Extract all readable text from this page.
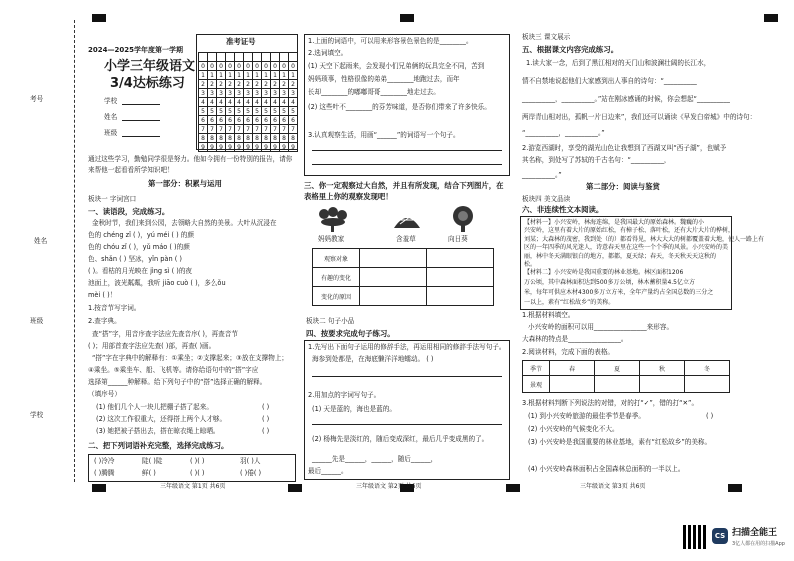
考号
姓名
班级
学校
2024—2025学年度第一学期
小学三年级语文
3/4达标练习
学校
姓名
班级
准考证号

0	0	0	0	0	0	0	0	0	0	0
1	1	1	1	1	1	1	1	1	1	1
2	2	2	2	2	2	2	2	2	2	2
3	3	3	3	3	3	3	3	3	3	3
4	4	4	4	4	4	4	4	4	4	4
5	5	5	5	5	5	5	5	5	5	5
6	6	6	6	6	6	6	6	6	6	6
7	7	7	7	7	7	7	7	7	7	7
8	8	8	8	8	8	8	8	8	8	8
9	9	9	9	9	9	9	9	9	9	9
通过这些学习，勤勉同学很是努力。他如今拥有一份特别的报告，请你来帮他一起看看所学知识吧！
第一部分：积累与运用
板块一 字词宫口
一、读语段，完成练习。
金秋时节，我们来到公园，去领略大自然的美景。大叶从沉浸在
色的 chéng zǐ ( )，yú méi ( ) 的颜
色的 chóu zǐ ( )，yǔ máo ( )的颜
色、shǎn ( ) 坚冰，yǐn pàn ( )
( )。看枯的月光映在 jìng sì ( )的夜
池面上，波光粼粼，我听 jiāo cuò ( )，多么ǒu
mèi ( )！
1.按音节写字词。
2.查字典。
查“搭”字，用音序查字法应先查音序( )，再查音节
( )；用部首查字法应先查( )部，再查( )画。
“搭”字在字典中的解释有：①乘坐；②支撑起来；③放在支撑物上；
④乘坐。⑤乘坐车、船、飞机等。请你给语句中的“搭”字应
选择第______种解释。给下列句子中的“搭”选择正确的解释。
（填序号）
(1) 他们几个人一块儿把棚子搭了起来。
(2) 这次工作很重大，还得搭上两个人才够。
(3) 她把被子搭出去，搭在晾衣绳上晾晒。
( )
( )
( )
二、把下列词语补充完整，选择完成练习。
( )冷冷	陡( )陡	( )( )	羽( )人
( )腾腾	鲜( )	( )( )	( )倦( )
三年级语文 第1页 共6页
1.上面的词语中，可以用来形容景色景色的是________。
2.选词填空。
(1) 天空下起雨来，会发现小们兄弟俩的玩具完全不同，苦到
妈妈琐事，性格很像的弟弟________地跑过去，而年
长却________的嘟嘟哥哥________地走过去。
(2) 这些叶不________的芬芳味道，是否你们带来了许多快乐。
3.认真观察生活，用画“______”的词语写一个句子。
三、你一定观察过大自然，并且有所发现，结合下列图片，在表格里上你的观察发现吧！
妈妈教家	含羞草	向日葵
观察对象		
有趣的变化		
变化的原因		
板块二 句子小品
四、按要求完成句子练习。
1.先写出下面句子运用的修辞手法，再运用相同的修辞手法写句子。
海参到处都是，在海底懒洋洋地蠕动。 ( )
2.用加点的字词写句子。
(1) 天是蓝的，海也是蓝的。
(2) 杨梅先是淡红的，随后变成深红，最后几乎变成黑的了。
______先是______，______，随后______，
最后______。
三年级语文 第2页 共6页
板块三 课文展示
五、根据课文内容完成练习。
1.读大家一念，后到了黑江相对的天门山和波澜壮阔的长江水，
情不自禁地说起他们大家感到出人事自的诗句：“__________
__________，__________。”站在刚冰感诵的时候，你会想起“__________
两岸青山相对出，孤帆一片日边来”，我们还可以诵读《早发白帝城》中的诗句：
“__________，__________。”
2.游览西湖时，享受的湖光山色让我想到了西湖又叫“西子湖”，也赋予其名称，到处写了苏轼的千古名句：“__________，
__________。”
第二部分：阅读与鉴赏
板块四 美文品读
六、非连续性文本阅读。
【材料一】小兴安岭，林海连绵，是我国最大的原始森林。魏巍的小
兴安岭，这里有着大片的原始红松，有樟子松、落叶松，还有大片大片的桦树，
刘某；大森林的茂密，我到处（的）都看得见，林大大大的树都覆盖着大地，使人一路上有
区的一年四季的风光迷人，诗意春天里在这些一个个季的风景。小兴安岭的美
丽，林中冬天满眼银白的地方，都都，夏天绿；春天，冬天秋天天这秋的
松。
【材料二】小兴安岭是我国重要的林业基地。林区面积1206
万公顷，其中森林面积达到500多万公顷，林木蓄积量4.5亿立方
米，每年可供应木材4300多万立方米，全年产量约占全国总数的三分之
一以上，素有“红松故乡”的美称。
1.根据材料填空。
小兴安岭的面积可以用________________来形容。
大森林的特点是________________。
2.阅读材料，完成下面的表格。
季节	春	夏	秋	冬
景观				
3.根据材料判断下列说法的对错，对的打“✓”，错的打“✕”。
(1) 到小兴安岭旅游的最佳季节是春季。
(2) 小兴安岭的气候变化不大。
(3) 小兴安岭是我国重要的林业基地，素有“红松故乡”的美称。
(4) 小兴安岭森林面积占全国森林总面积的一半以上。
( )
三年级语文 第3页 共6页
CS 扫描全能王
3亿人都在用的扫描App
